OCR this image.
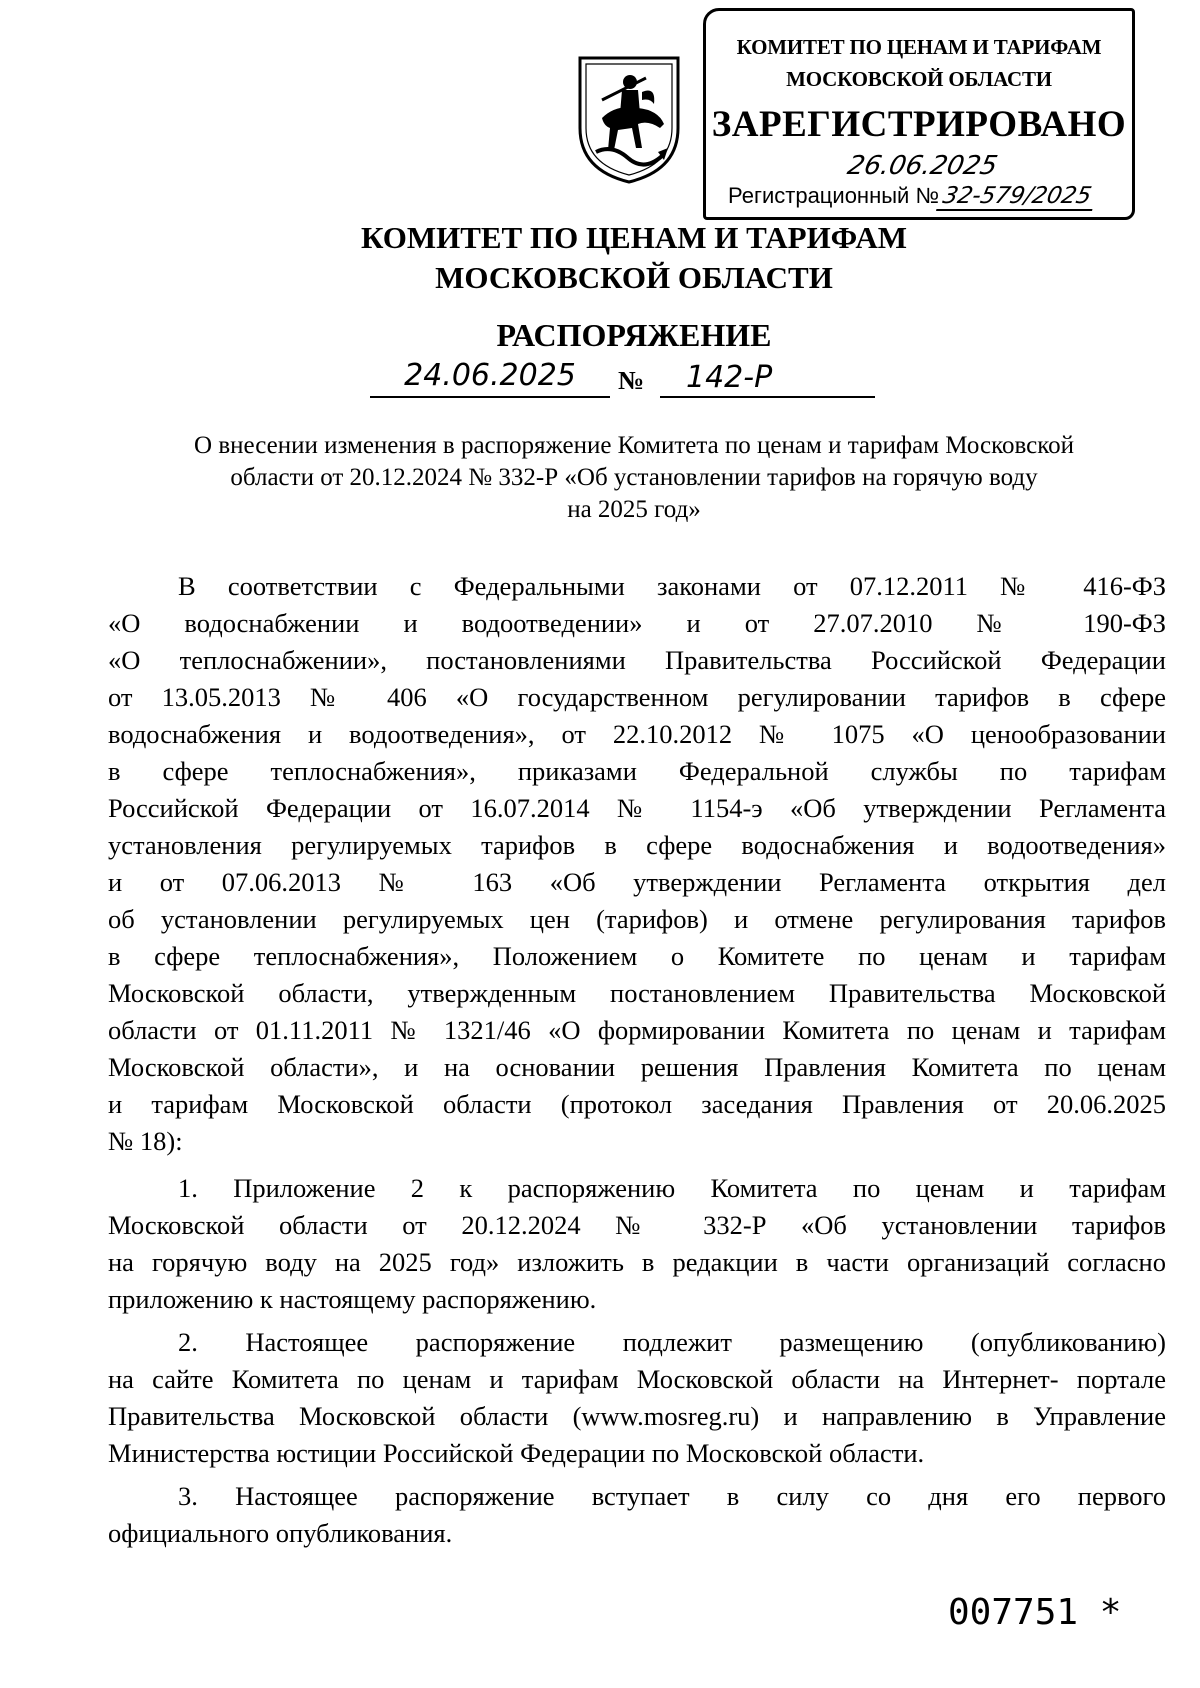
КОМИТЕТ ПО ЦЕНАМ И ТАРИФАМ
МОСКОВСКОЙ ОБЛАСТИ
ЗАРЕГИСТРИРОВАНО
26.06.2025
Регистрационный №32-579/2025
КОМИТЕТ ПО ЦЕНАМ И ТАРИФАМ
МОСКОВСКОЙ ОБЛАСТИ
РАСПОРЯЖЕНИЕ
24.06.2025	№	142-Р
О внесении изменения в распоряжение Комитета по ценам и тарифам Московской
области от 20.12.2024 № 332-Р «Об установлении тарифов на горячую воду
на 2025 год»
В соответствии с Федеральными законами от 07.12.2011 № 416-ФЗ
«О водоснабжении и водоотведении» и от 27.07.2010 № 190-ФЗ
«О теплоснабжении», постановлениями Правительства Российской Федерации
от 13.05.2013 № 406 «О государственном регулировании тарифов в сфере
водоснабжения и водоотведения», от 22.10.2012 № 1075 «О ценообразовании
в сфере теплоснабжения», приказами Федеральной службы по тарифам
Российской Федерации от 16.07.2014 № 1154-э «Об утверждении Регламента
установления регулируемых тарифов в сфере водоснабжения и водоотведения»
и от 07.06.2013 № 163 «Об утверждении Регламента открытия дел
об установлении регулируемых цен (тарифов) и отмене регулирования тарифов
в сфере теплоснабжения», Положением о Комитете по ценам и тарифам
Московской области, утвержденным постановлением Правительства Московской
области от 01.11.2011 № 1321/46 «О формировании Комитета по ценам и тарифам
Московской области», и на основании решения Правления Комитета по ценам
и тарифам Московской области (протокол заседания Правления от 20.06.2025
№ 18):
1. Приложение 2 к распоряжению Комитета по ценам и тарифам
Московской области от 20.12.2024 № 332-Р «Об установлении тарифов
на горячую воду на 2025 год» изложить в редакции в части организаций согласно
приложению к настоящему распоряжению.
2. Настоящее распоряжение подлежит размещению (опубликованию)
на сайте Комитета по ценам и тарифам Московской области на Интернет- портале
Правительства Московской области (www.mosreg.ru) и направлению в Управление
Министерства юстиции Российской Федерации по Московской области.
3. Настоящее распоряжение вступает в силу со дня его первого
официального опубликования.
007751 *
